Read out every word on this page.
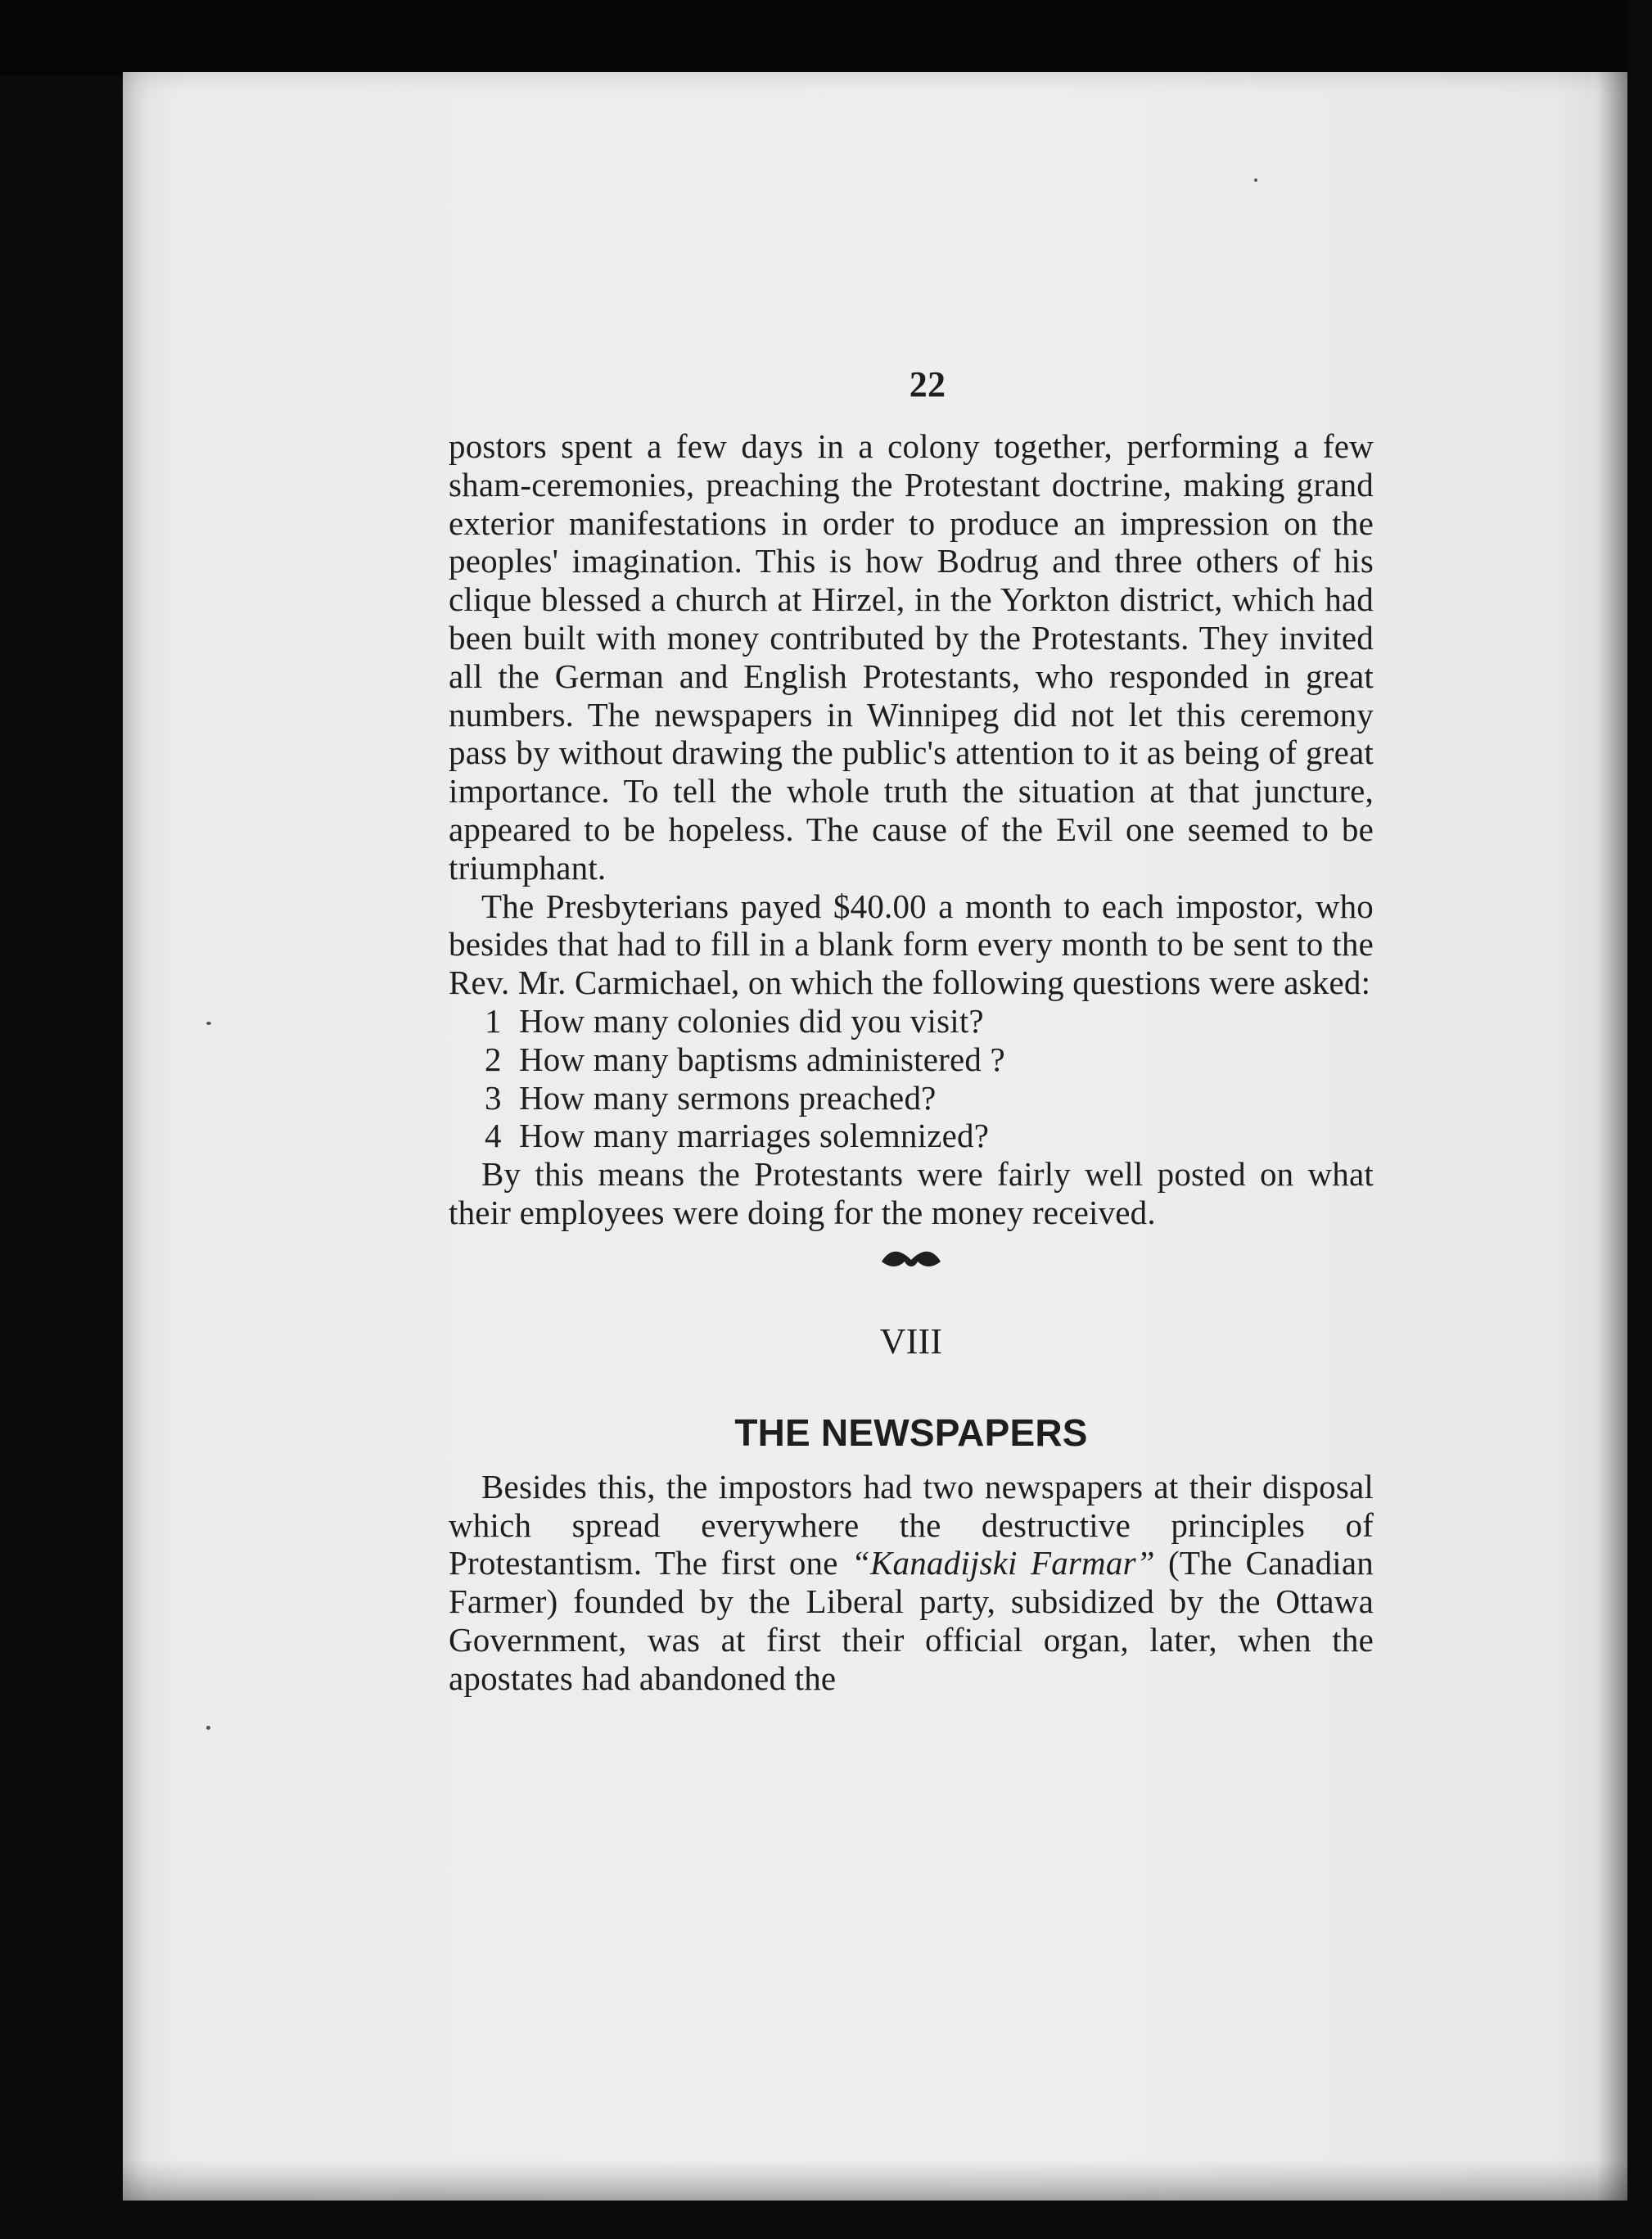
22

postors spent a few days in a colony together, performing a few sham-ceremonies, preaching the Protestant doctrine, making grand exterior manifestations in order to produce an impression on the peoples' imagination. This is how Bodrug and three others of his clique blessed a church at Hirzel, in the Yorkton district, which had been built with money contributed by the Protestants. They invited all the German and English Protestants, who responded in great numbers. The newspapers in Winnipeg did not let this ceremony pass by without drawing the public's attention to it as being of great importance. To tell the whole truth the situation at that juncture, appeared to be hopeless. The cause of the Evil one seemed to be triumphant.

The Presbyterians payed $40.00 a month to each impostor, who besides that had to fill in a blank form every month to be sent to the Rev. Mr. Carmichael, on which the following questions were asked:

1 How many colonies did you visit?
2 How many baptisms administered ?
3 How many sermons preached?
4 How many marriages solemnized?

By this means the Protestants were fairly well posted on what their employees were doing for the money received.

VIII
THE NEWSPAPERS

Besides this, the impostors had two newspapers at their disposal which spread everywhere the destructive principles of Protestantism. The first one “Kanadijski Farmar” (The Canadian Farmer) founded by the Liberal party, subsidized by the Ottawa Government, was at first their official organ, later, when the apostates had abandoned the
